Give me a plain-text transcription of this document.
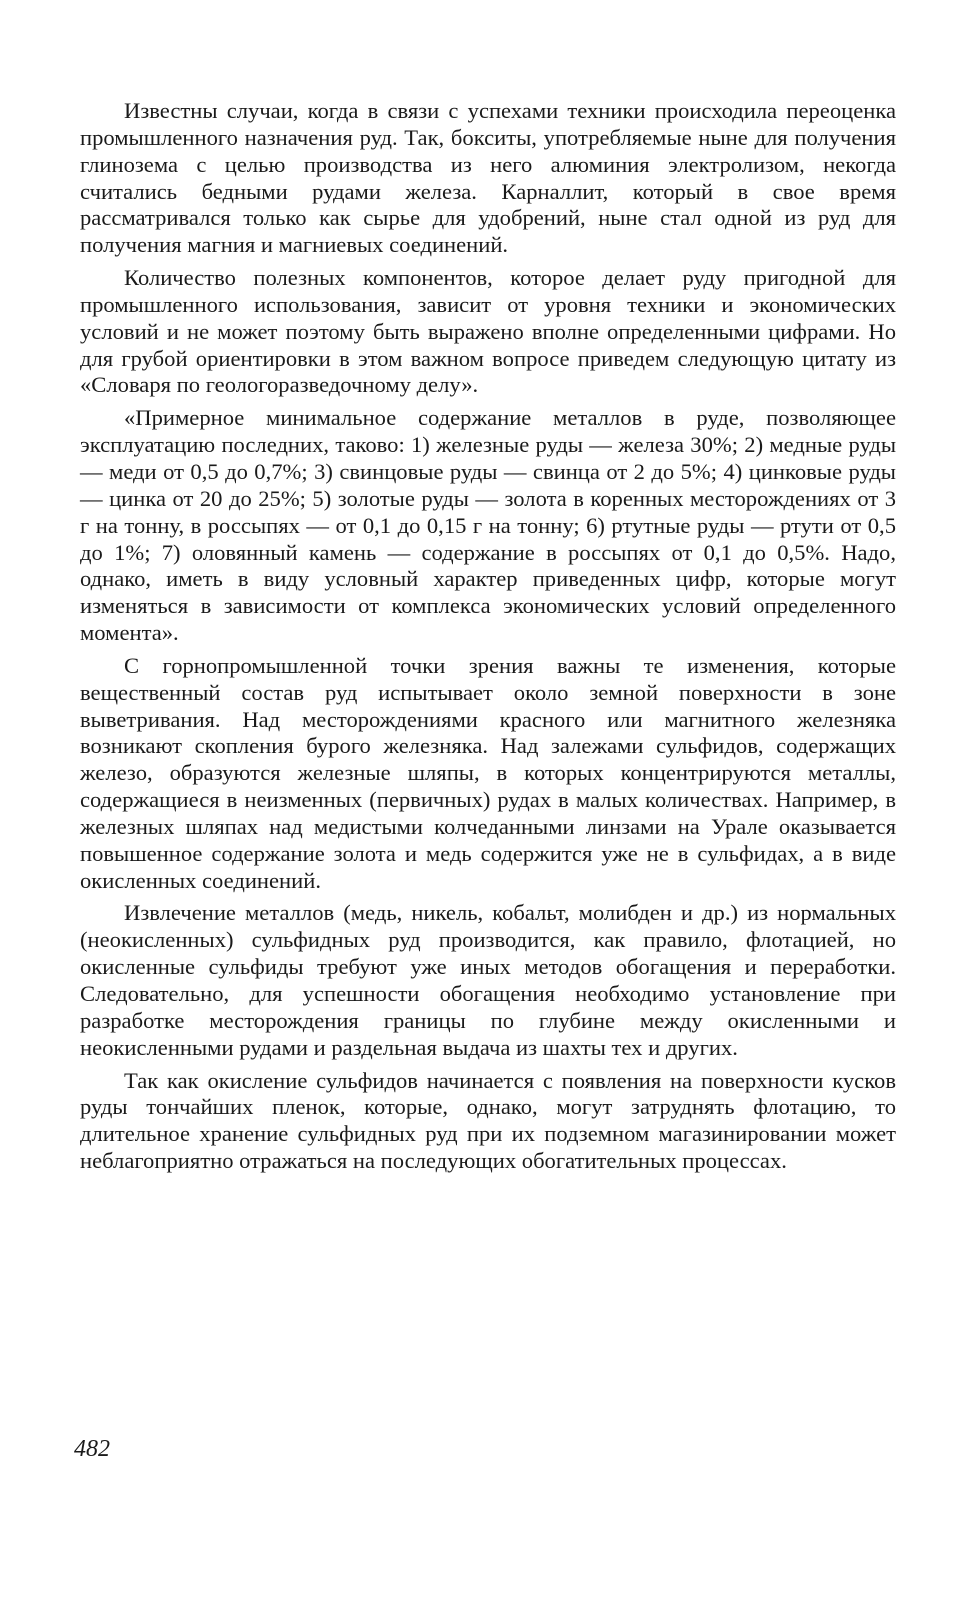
Известны случаи, когда в связи с успехами техники происходила переоценка промышленного назначения руд. Так, бокситы, употребляемые ныне для получения глинозема с целью производства из него алюминия электролизом, некогда считались бедными рудами железа. Карналлит, который в свое время рассматривался только как сырье для удобрений, ныне стал одной из руд для получения магния и магниевых соединений.

Количество полезных компонентов, которое делает руду пригодной для промышленного использования, зависит от уровня техники и экономических условий и не может поэтому быть выражено вполне определенными цифрами. Но для грубой ориентировки в этом важном вопросе приведем следующую цитату из «Словаря по геологоразведочному делу».

«Примерное минимальное содержание металлов в руде, позволяющее эксплуатацию последних, таково: 1) железные руды — железа 30%; 2) медные руды — меди от 0,5 до 0,7%; 3) свинцовые руды — свинца от 2 до 5%; 4) цинковые руды — цинка от 20 до 25%; 5) золотые руды — золота в коренных месторождениях от 3 г на тонну, в россыпях — от 0,1 до 0,15 г на тонну; 6) ртутные руды — ртути от 0,5 до 1%; 7) оловянный камень — содержание в россыпях от 0,1 до 0,5%. Надо, однако, иметь в виду условный характер приведенных цифр, которые могут изменяться в зависимости от комплекса экономических условий определенного момента».

С горнопромышленной точки зрения важны те изменения, которые вещественный состав руд испытывает около земной поверхности в зоне выветривания. Над месторождениями красного или магнитного железняка возникают скопления бурого железняка. Над залежами сульфидов, содержащих железо, образуются железные шляпы, в которых концентрируются металлы, содержащиеся в неизменных (первичных) рудах в малых количествах. Например, в железных шляпах над медистыми колчеданными линзами на Урале оказывается повышенное содержание золота и медь содержится уже не в сульфидах, а в виде окисленных соединений.

Извлечение металлов (медь, никель, кобальт, молибден и др.) из нормальных (неокисленных) сульфидных руд производится, как правило, флотацией, но окисленные сульфиды требуют уже иных методов обогащения и переработки. Следовательно, для успешности обогащения необходимо установление при разработке месторождения границы по глубине между окисленными и неокисленными рудами и раздельная выдача из шахты тех и других.

Так как окисление сульфидов начинается с появления на поверхности кусков руды тончайших пленок, которые, однако, могут затруднять флотацию, то длительное хранение сульфидных руд при их подземном магазинировании может неблагоприятно отражаться на последующих обогатительных процессах.

482
